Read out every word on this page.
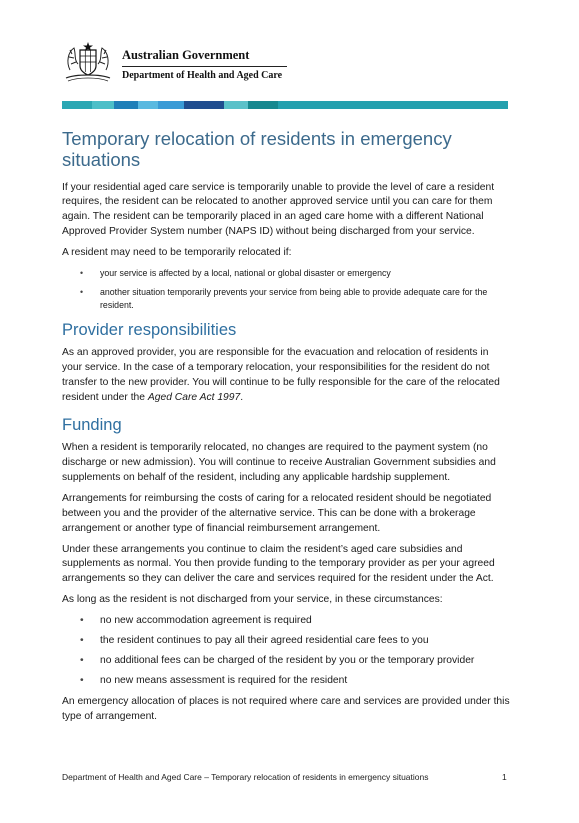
Australian Government
Department of Health and Aged Care
Temporary relocation of residents in emergency situations

If your residential aged care service is temporarily unable to provide the level of care a resident requires, the resident can be relocated to another approved service until you can care for them again. The resident can be temporarily placed in an aged care home with a different National Approved Provider System number (NAPS ID) without being discharged from your service.

A resident may need to be temporarily relocated if:

• your service is affected by a local, national or global disaster or emergency
• another situation temporarily prevents your service from being able to provide adequate care for the resident.
Provider responsibilities

As an approved provider, you are responsible for the evacuation and relocation of residents in your service. In the case of a temporary relocation, your responsibilities for the resident do not transfer to the new provider. You will continue to be fully responsible for the care of the relocated resident under the Aged Care Act 1997.

Funding

When a resident is temporarily relocated, no changes are required to the payment system (no discharge or new admission). You will continue to receive Australian Government subsidies and supplements on behalf of the resident, including any applicable hardship supplement.

Arrangements for reimbursing the costs of caring for a relocated resident should be negotiated between you and the provider of the alternative service. This can be done with a brokerage arrangement or another type of financial reimbursement arrangement.

Under these arrangements you continue to claim the resident’s aged care subsidies and supplements as normal. You then provide funding to the temporary provider as per your agreed arrangements so they can deliver the care and services required for the resident under the Act.

As long as the resident is not discharged from your service, in these circumstances:

• no new accommodation agreement is required
• the resident continues to pay all their agreed residential care fees to you
• no additional fees can be charged of the resident by you or the temporary provider
• no new means assessment is required for the resident

An emergency allocation of places is not required where care and services are provided under this type of arrangement.

Department of Health and Aged Care – Temporary relocation of residents in emergency situations	1
